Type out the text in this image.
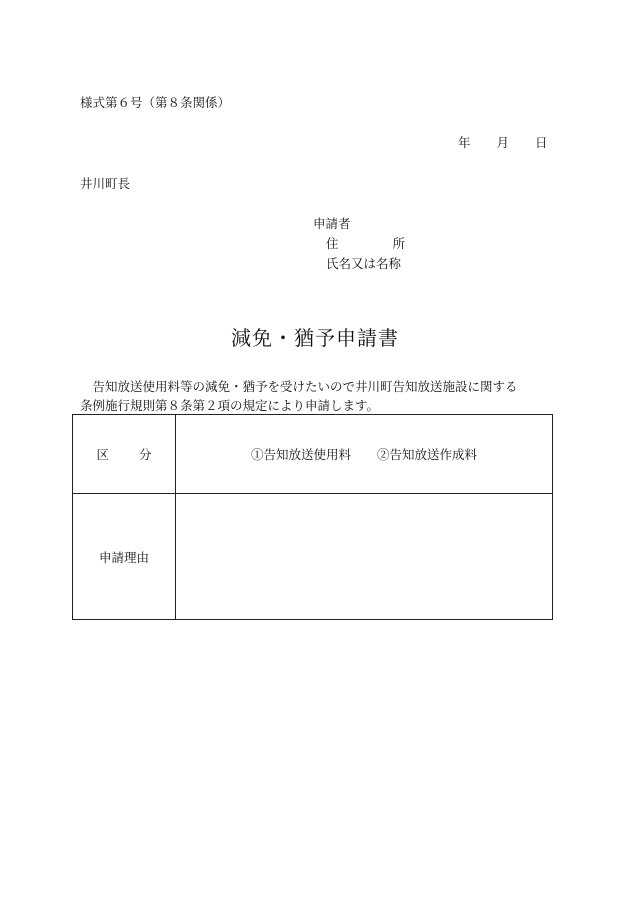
様式第６号（第８条関係）
年 月 日
井川町長
申請者
住	所
氏名又は名称
減免・猶予申請書

告知放送使用料等の減免・猶予を受けたいので井川町告知放送施設に関する

条例施行規則第８条第２項の規定により申請します。

区 分	①告知放送使用料 ②告知放送作成料
申請理由	
